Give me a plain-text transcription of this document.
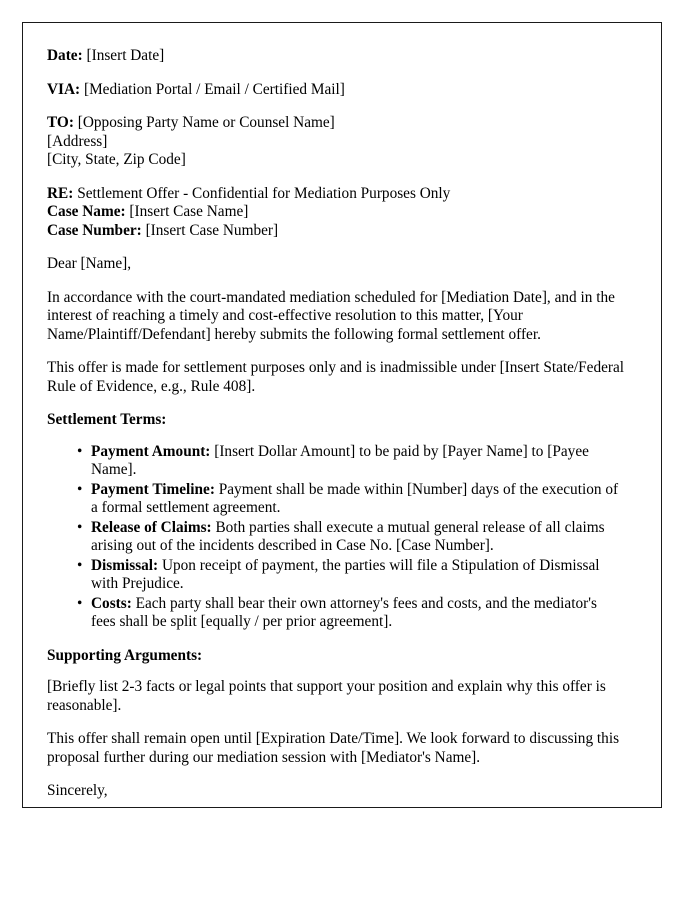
Date: [Insert Date]

VIA: [Mediation Portal / Email / Certified Mail]

TO: [Opposing Party Name or Counsel Name]
[Address]
[City, State, Zip Code]

RE: Settlement Offer - Confidential for Mediation Purposes Only
Case Name: [Insert Case Name]
Case Number: [Insert Case Number]

Dear [Name],

In accordance with the court-mandated mediation scheduled for [Mediation Date], and in the interest of reaching a timely and cost-effective resolution to this matter, [Your Name/Plaintiff/Defendant] hereby submits the following formal settlement offer.

This offer is made for settlement purposes only and is inadmissible under [Insert State/Federal Rule of Evidence, e.g., Rule 408].

Settlement Terms:

• Payment Amount: [Insert Dollar Amount] to be paid by [Payer Name] to [Payee Name].
• Payment Timeline: Payment shall be made within [Number] days of the execution of a formal settlement agreement.
• Release of Claims: Both parties shall execute a mutual general release of all claims arising out of the incidents described in Case No. [Case Number].
• Dismissal: Upon receipt of payment, the parties will file a Stipulation of Dismissal with Prejudice.
• Costs: Each party shall bear their own attorney's fees and costs, and the mediator's fees shall be split [equally / per prior agreement].

Supporting Arguments:

[Briefly list 2-3 facts or legal points that support your position and explain why this offer is reasonable].

This offer shall remain open until [Expiration Date/Time]. We look forward to discussing this proposal further during our mediation session with [Mediator's Name].

Sincerely,
